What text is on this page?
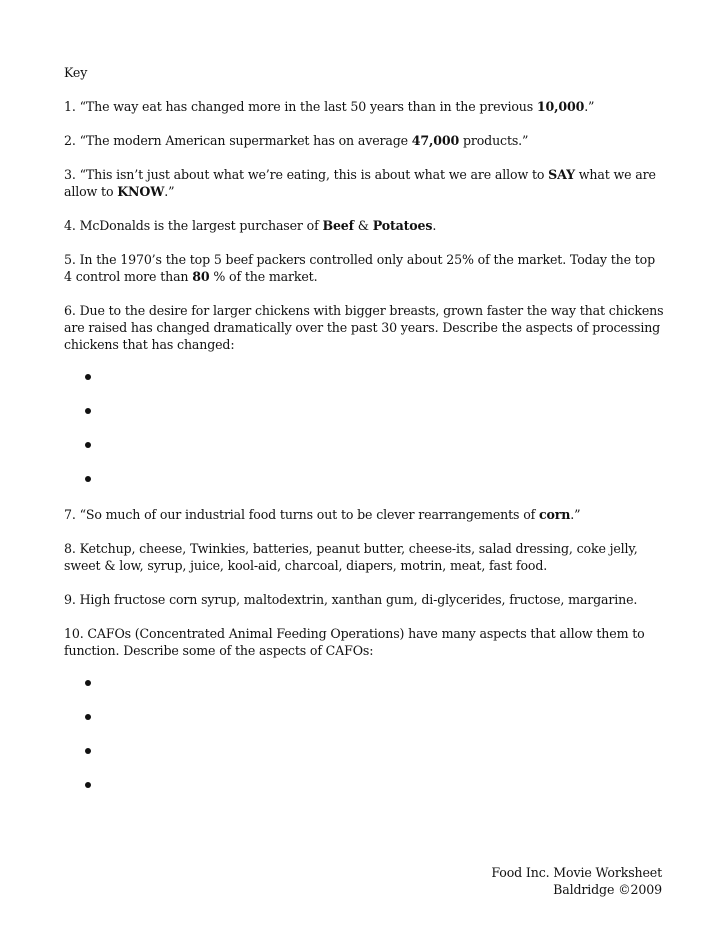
Key

1. “The way eat has changed more in the last 50 years than in the previous 10,000.”

2. “The modern American supermarket has on average 47,000 products.”

3. “This isn’t just about what we’re eating, this is about what we are allow to SAY what we are allow to KNOW.”

4. McDonalds is the largest purchaser of Beef & Potatoes.

5. In the 1970’s the top 5 beef packers controlled only about 25% of the market. Today the top 4 control more than 80 % of the market.

6. Due to the desire for larger chickens with bigger breasts, grown faster the way that chickens are raised has changed dramatically over the past 30 years. Describe the aspects of processing chickens that has changed:

7. “So much of our industrial food turns out to be clever rearrangements of corn.”

8. Ketchup, cheese, Twinkies, batteries, peanut butter, cheese-its, salad dressing, coke jelly, sweet & low, syrup, juice, kool-aid, charcoal, diapers, motrin, meat, fast food.

9. High fructose corn syrup, maltodextrin, xanthan gum, di-glycerides, fructose, margarine.

10. CAFOs (Concentrated Animal Feeding Operations) have many aspects that allow them to function. Describe some of the aspects of CAFOs:

Food Inc. Movie Worksheet
Baldridge ©2009
